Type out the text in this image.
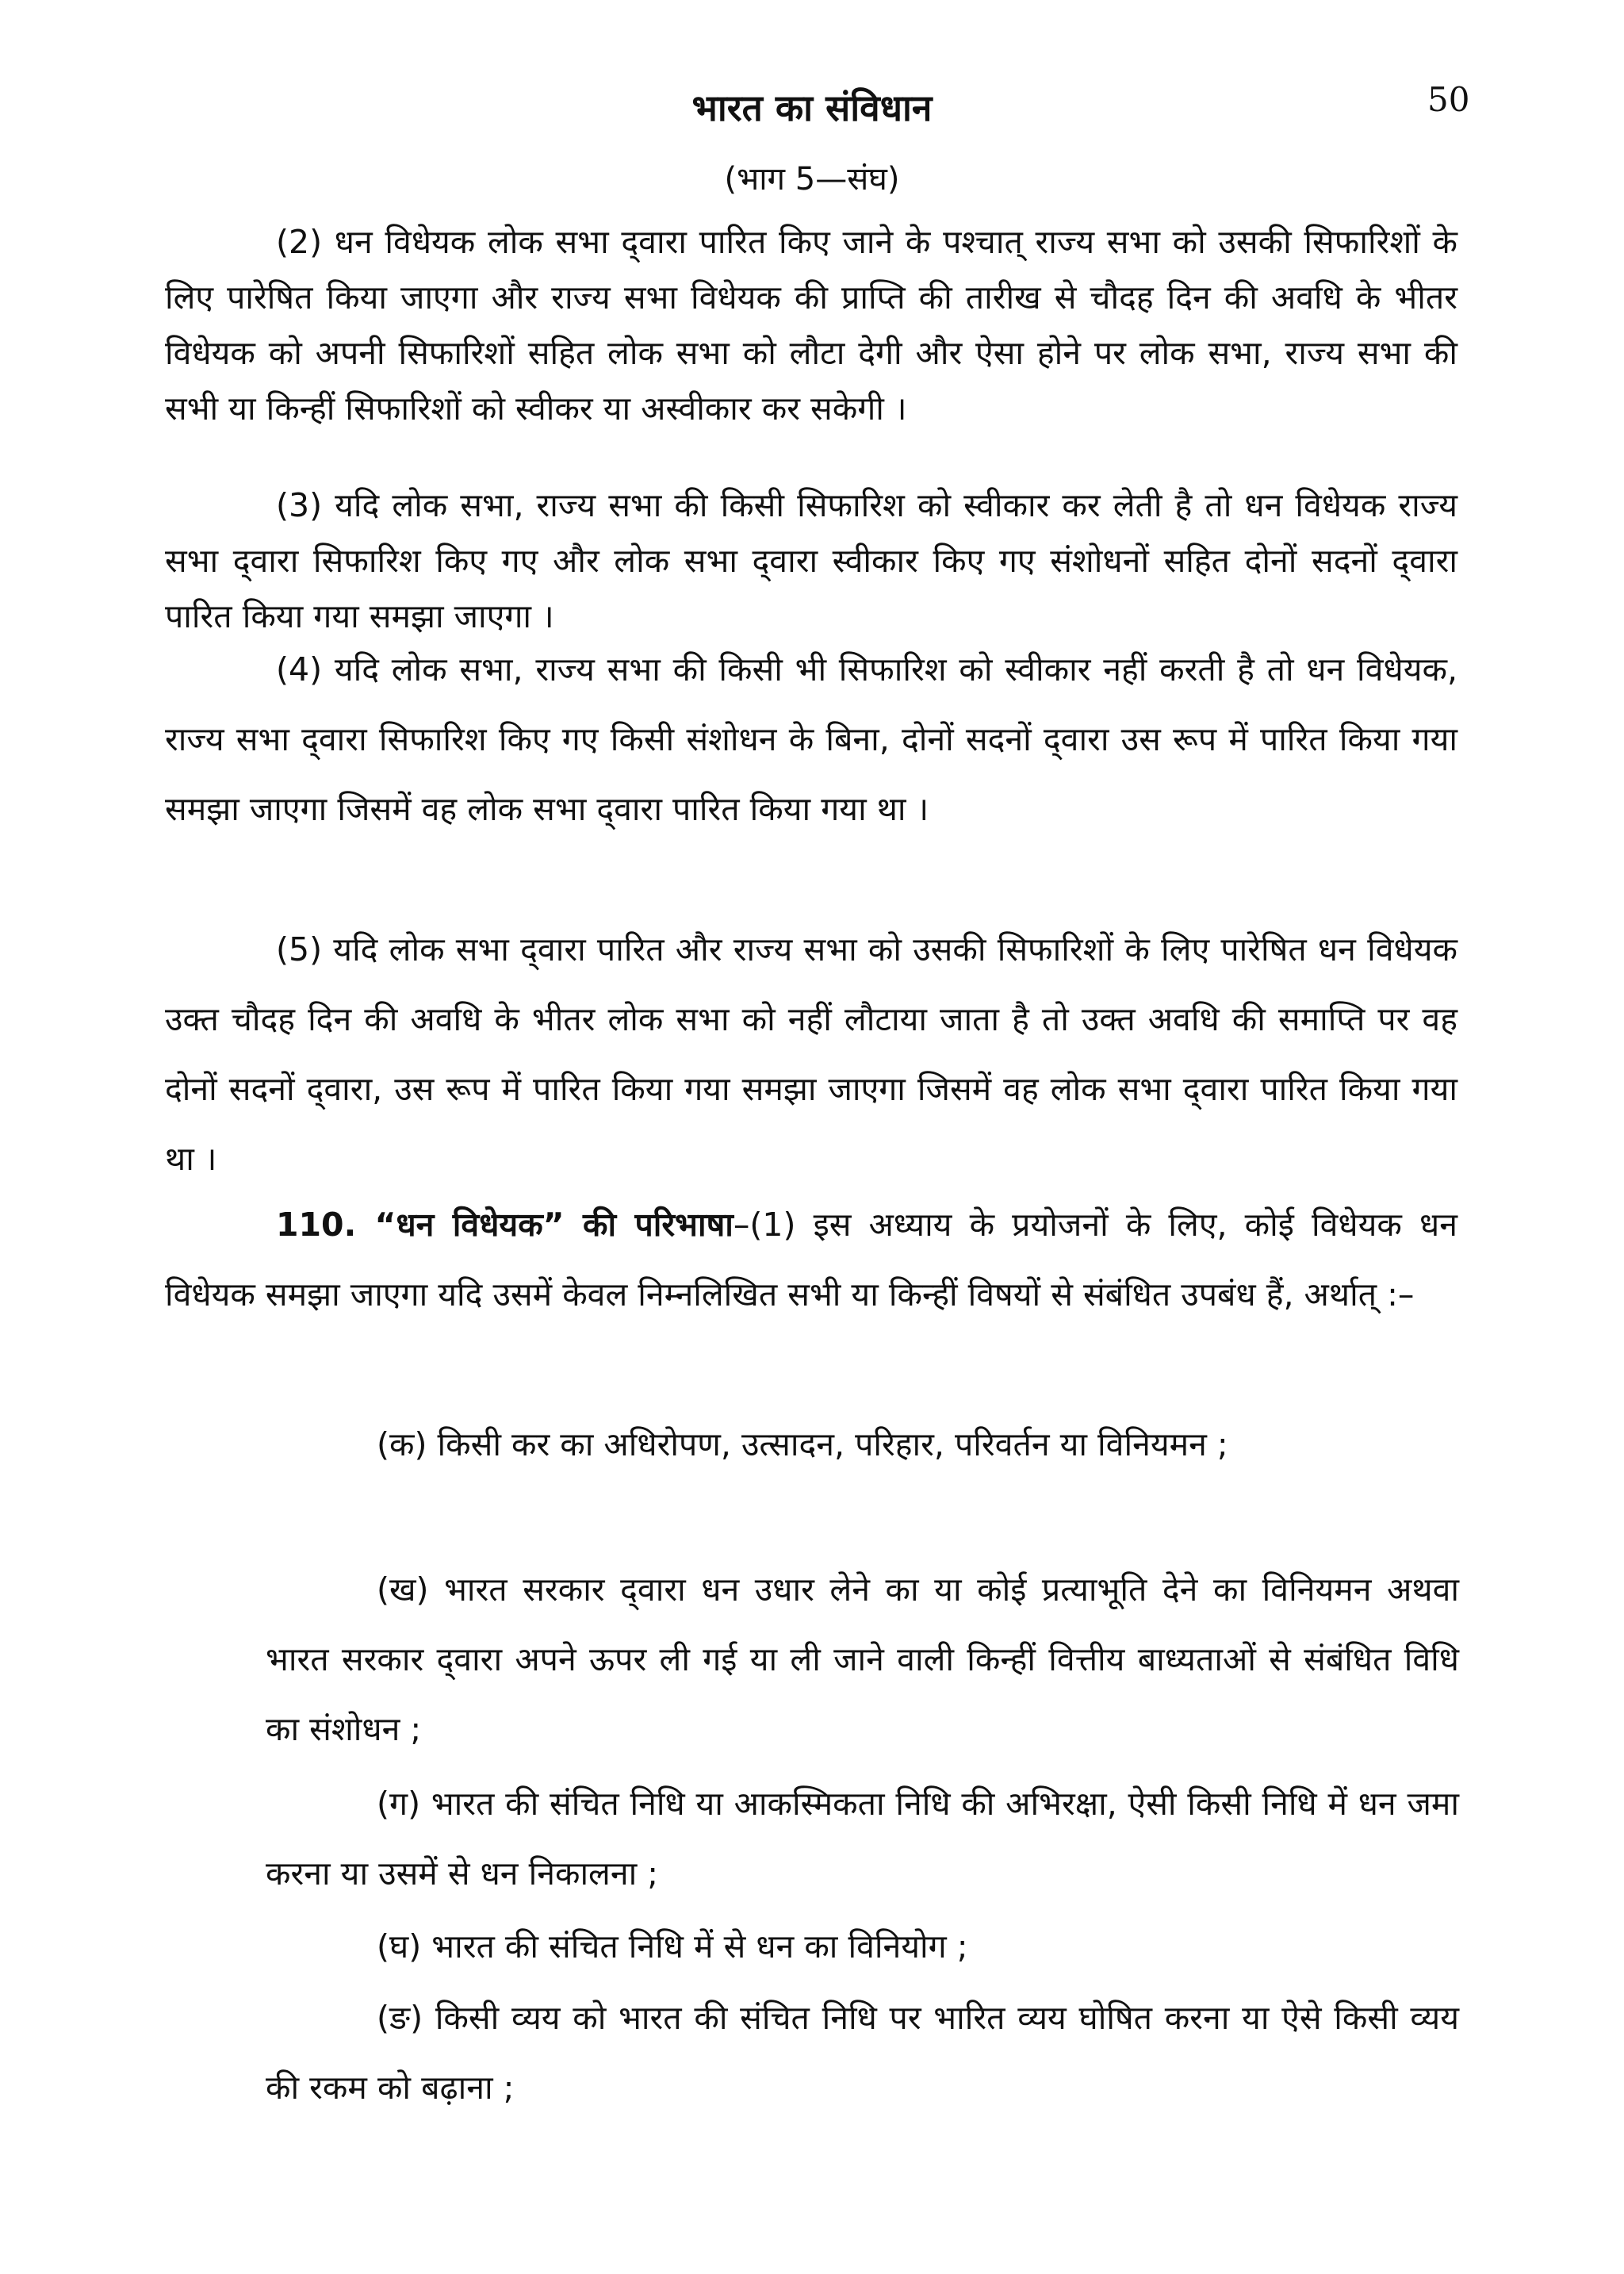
50
भारत का संविधान
(भाग 5—संघ)

(2) धन विधेयक लोक सभा द्‌वारा पारित किए जाने के पश्चात्‌ राज्य सभा को उसकी सिफारिशों के लिए पारेषित किया जाएगा और राज्य सभा विधेयक की प्राप्ति की तारीख से चौदह दिन की अवधि के भीतर विधेयक को अपनी सिफारिशों सहित लोक सभा को लौटा देगी और ऐसा होने पर लोक सभा, राज्य सभा की सभी या किन्हीं सिफारिशों को स्वीकर या अस्वीकार कर सकेगी ।

(3) यदि लोक सभा, राज्य सभा की किसी सिफारिश को स्वीकार कर लेती है तो धन विधेयक राज्य सभा द्‌वारा सिफारिश किए गए और लोक सभा द्‌वारा स्वीकार किए गए संशोधनों सहित दोनों सदनों द्‌वारा पारित किया गया समझा जाएगा ।

(4) यदि लोक सभा, राज्य सभा की किसी भी सिफारिश को स्वीकार नहीं करती है तो धन विधेयक, राज्य सभा द्‌वारा सिफारिश किए गए किसी संशोधन के बिना, दोनों सदनों द्‌वारा उस रूप में पारित किया गया समझा जाएगा जिसमें वह लोक सभा द्‌वारा पारित किया गया था ।

(5) यदि लोक सभा द्‌वारा पारित और राज्य सभा को उसकी सिफारिशों के लिए पारेषित धन विधेयक उक्त चौदह दिन की अवधि के भीतर लोक सभा को नहीं लौटाया जाता है तो उक्त अवधि की समाप्ति पर वह दोनों सदनों द्‌वारा, उस रूप में पारित किया गया समझा जाएगा जिसमें वह लोक सभा द्‌वारा पारित किया गया था ।

110. “धन विधेयक” की परिभाषा–(1) इस अध्याय के प्रयोजनों के लिए, कोई विधेयक धन विधेयक समझा जाएगा यदि उसमें केवल निम्नलिखित सभी या किन्हीं विषयों से संबंधित उपबंध हैं, अर्थात्‌ :–

(क) किसी कर का अधिरोपण, उत्सादन, परिहार, परिवर्तन या विनियमन ;

(ख) भारत सरकार द्‌वारा धन उधार लेने का या कोई प्रत्याभूति देने का विनियमन अथवा भारत सरकार द्‌वारा अपने ऊपर ली गई या ली जाने वाली किन्हीं वित्तीय बाध्यताओं से संबंधित विधि का संशोधन ;

(ग) भारत की संचित निधि या आकस्मिकता निधि की अभिरक्षा, ऐसी किसी निधि में धन जमा करना या उसमें से धन निकालना ;

(घ) भारत की संचित निधि में से धन का विनियोग ;

(ङ) किसी व्यय को भारत की संचित निधि पर भारित व्यय घोषित करना या ऐसे किसी व्यय की रकम को बढ़ाना ;
